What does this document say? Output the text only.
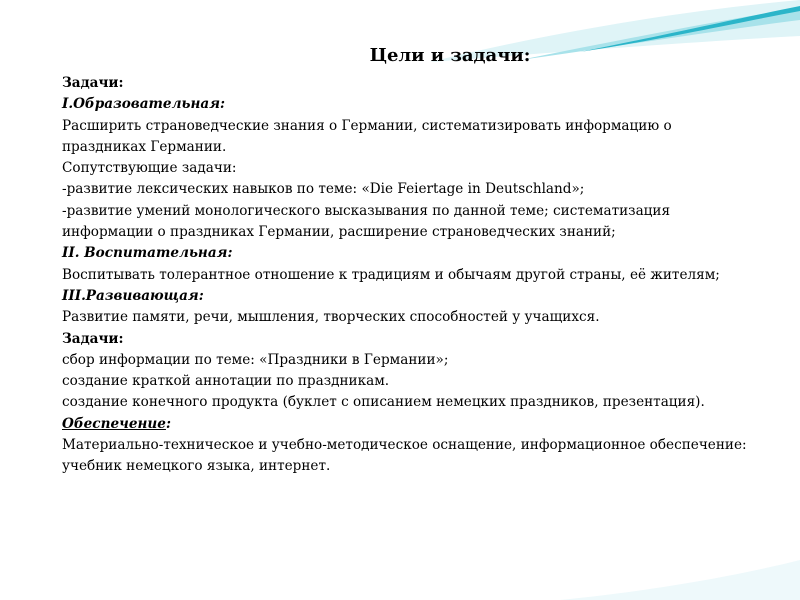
Цели и задачи:

Задачи:

I.Образовательная:

Расширить страноведческие знания о Германии, систематизировать информацию о праздниках Германии.

Сопутствующие задачи:

-развитие лексических навыков по теме: «Die Feiertage in Deutschland»;

-развитие умений монологического высказывания по данной теме; систематизация информации о праздниках Германии, расширение страноведческих знаний;

II. Воспитательная:

Воспитывать толерантное отношение к традициям и обычаям другой страны, её жителям;

III.Развивающая:

Развитие памяти, речи, мышления, творческих способностей у учащихся.

Задачи:

сбор информации по теме: «Праздники в Германии»;

создание краткой аннотации по праздникам.

создание конечного продукта (буклет с описанием немецких праздников, презентация).

Обеспечение:

Материально-техническое и учебно-методическое оснащение, информационное обеспечение: учебник немецкого языка, интернет.
